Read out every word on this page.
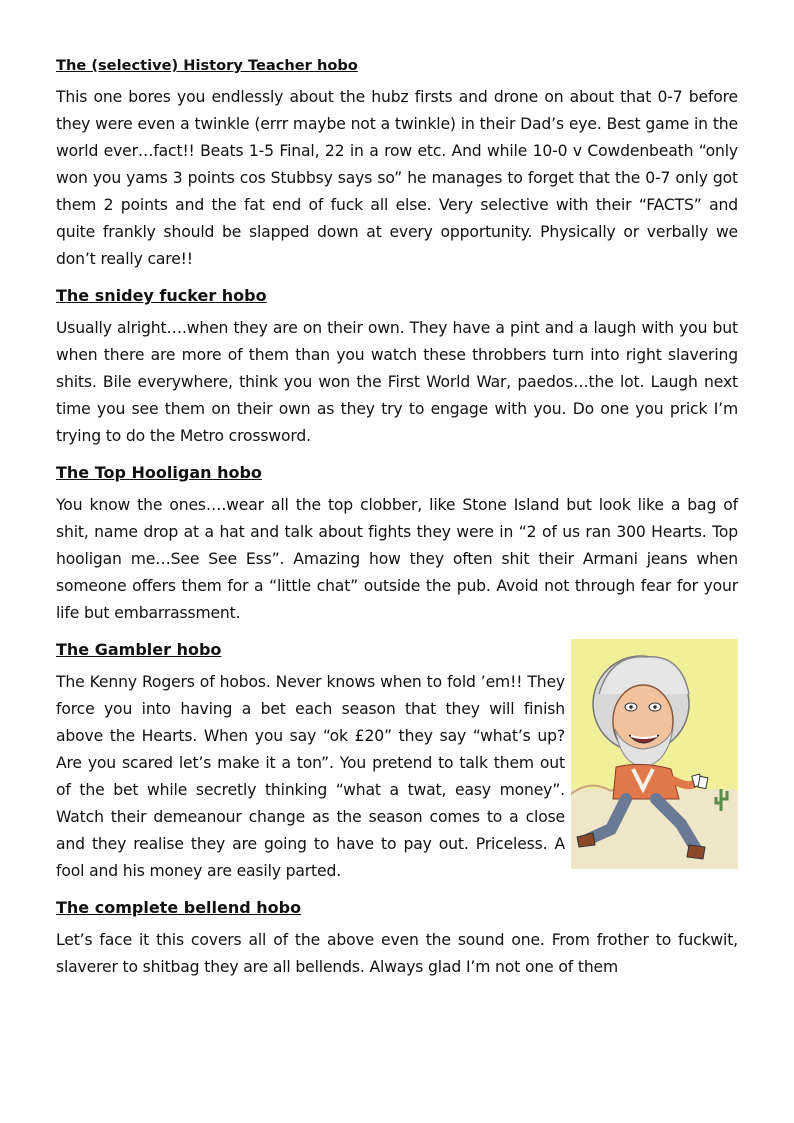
The (selective) History Teacher hobo

This one bores you endlessly about the hubz firsts and drone on about that 0-7 before they were even a twinkle (errr maybe not a twinkle) in their Dad’s eye. Best game in the world ever…fact!! Beats 1-5 Final, 22 in a row etc. And while 10-0 v Cowdenbeath “only won you yams 3 points cos Stubbsy says so” he manages to forget that the 0-7 only got them 2 points and the fat end of fuck all else. Very selective with their “FACTS” and quite frankly should be slapped down at every opportunity. Physically or verbally we don’t really care!!

The snidey fucker hobo

Usually alright….when they are on their own. They have a pint and a laugh with you but when there are more of them than you watch these throbbers turn into right slavering shits. Bile everywhere, think you won the First World War, paedos…the lot. Laugh next time you see them on their own as they try to engage with you. Do one you prick I’m trying to do the Metro crossword.

The Top Hooligan hobo

You know the ones….wear all the top clobber, like Stone Island but look like a bag of shit, name drop at a hat and talk about fights they were in “2 of us ran 300 Hearts. Top hooligan me…See See Ess”. Amazing how they often shit their Armani jeans when someone offers them for a “little chat” outside the pub. Avoid not through fear for your life but embarrassment.

The Gambler hobo

The Kenny Rogers of hobos. Never knows when to fold ’em!! They force you into having a bet each season that they will finish above the Hearts. When you say “ok £20” they say “what’s up? Are you scared let’s make it a ton”. You pretend to talk them out of the bet while secretly thinking “what a twat, easy money”. Watch their demeanour change as the season comes to a close and they realise they are going to have to pay out. Priceless. A fool and his money are easily parted.

The complete bellend hobo

Let’s face it this covers all of the above even the sound one. From frother to fuckwit, slaverer to shitbag they are all bellends. Always glad I’m not one of them
